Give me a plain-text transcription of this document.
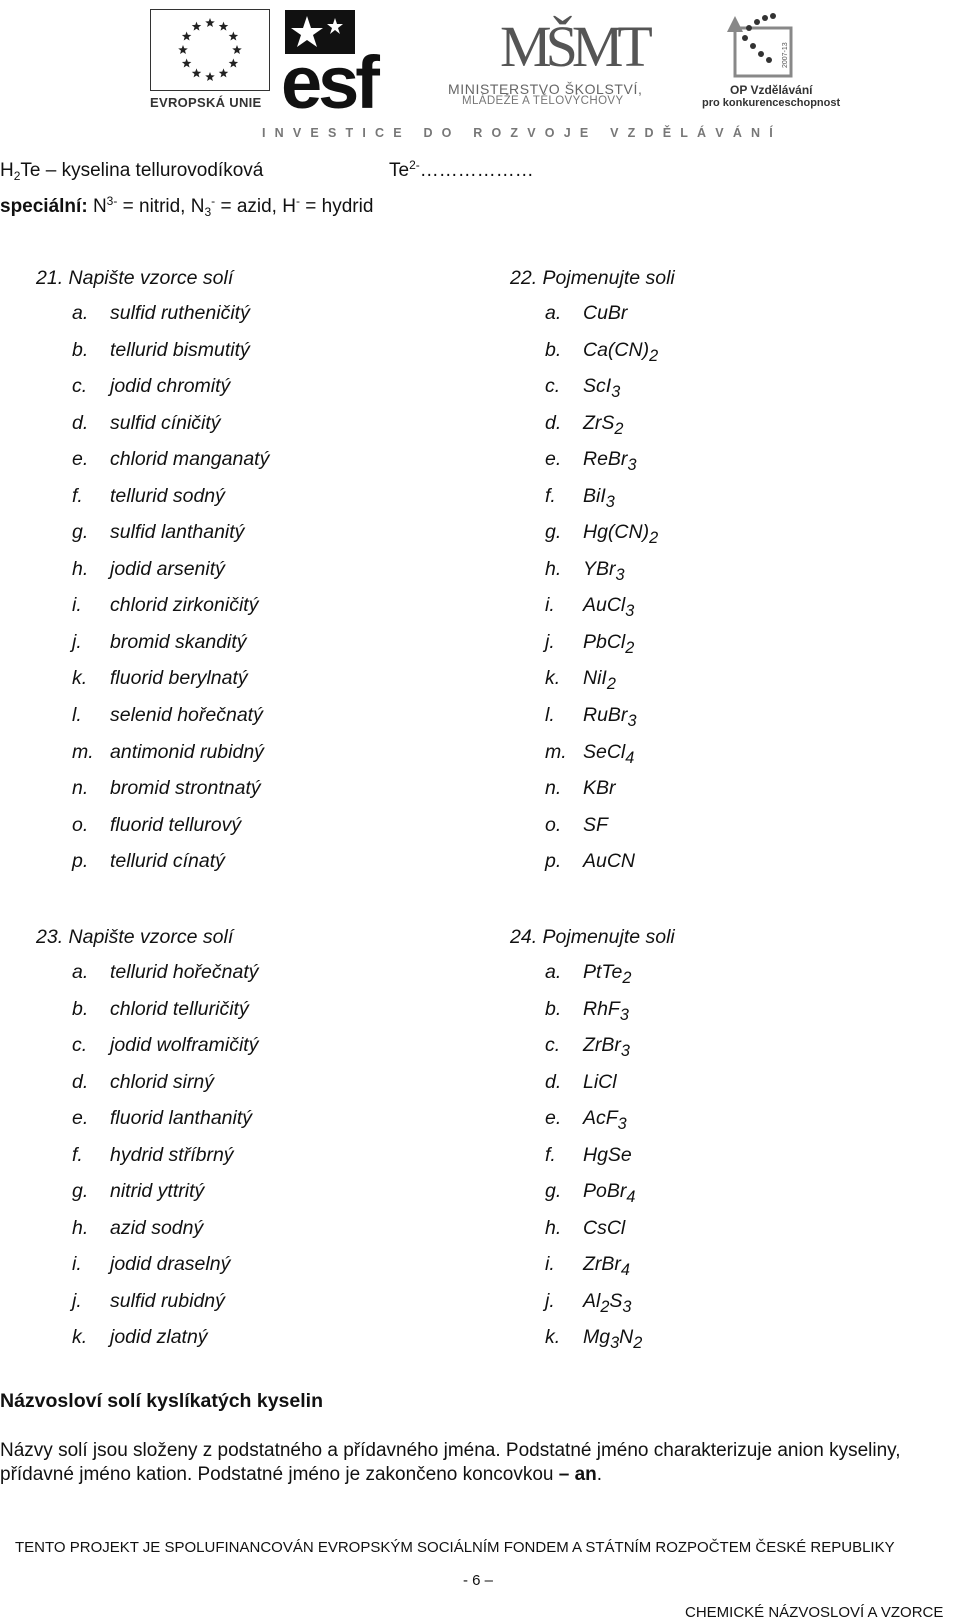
EVROPSKÁ UNIE esf MŠMT
MINISTERSTVO ŠKOLSTVÍ,
MLÁDEŽE A TĚLOVÝCHOVY
2007-13
OP Vzdělávání
pro konkurenceschopnost
INVESTICE DO ROZVOJE VZDĚLÁVÁNÍ
$H_2Te$ – kyselina tellurovodíková	$Te^{2-}\dots\dots\dots\dots\dots\dots$
speciální: $N^{3-}$ = nitrid, $N_3^-$ = azid, H- = hydrid
21. Napište vzorce solí
a. sulfid rutheničitý
b. tellurid bismutitý
c. jodid chromitý
d. sulfid cíničitý
e. chlorid manganatý
f. tellurid sodný
g. sulfid lanthanitý
h. jodid arsenitý
i. chlorid zirkoničitý
j. bromid skanditý
k. fluorid berylnatý
l. selenid hořečnatý
m. antimonid rubidný
n. bromid strontnatý
o. fluorid tellurový
p. tellurid cínatý
22. Pojmenujte soli
a. CuBr
b. $Ca(CN)_2$
c. ScI$_3$
d. ZrS$_2$
e. ReBr$_3$
f. BiI$_3$
g. $Hg(CN)_2$
h. YBr$_3$
i. AuCl$_3$
j. PbCl$_2$
k. NiI$_2$
l. RuBr$_3$
m. SeCl$_4$
n. KBr
o. SF
p. AuCN
23. Napište vzorce solí
a. tellurid hořečnatý
b. chlorid telluričitý
c. jodid wolframičitý
d. chlorid sirný
e. fluorid lanthanitý
f. hydrid stříbrný
g. nitrid yttritý
h. azid sodný
i. jodid draselný
j. sulfid rubidný
k. jodid zlatný
24. Pojmenujte soli
a. PtTe$_2$
b. RhF$_3$
c. ZrBr$_3$
d. LiCl
e. AcF$_3$
f. HgSe
g. PoBr$_4$
h. CsCl
i. ZrBr$_4$
j. $Al_2S_3$
k. $Mg_3N_2$
Názvosloví solí kyslíkatých kyselin
Názvy solí jsou složeny z podstatného a přídavného jména. Podstatné jméno charakterizuje anion kyseliny, přídavné jméno kation. Podstatné jméno je zakončeno koncovkou – an.
TENTO PROJEKT JE SPOLUFINANCOVÁN EVROPSKÝM SOCIÁLNÍM FONDEM A STÁTNÍM ROZPOČTEM ČESKÉ REPUBLIKY
- 6 –
CHEMICKÉ NÁZVOSLOVÍ A VZORCE
